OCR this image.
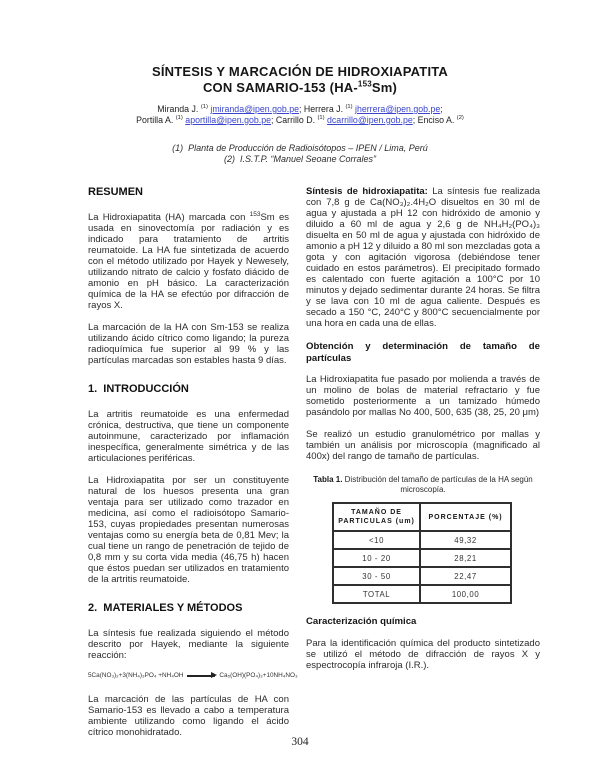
SÍNTESIS Y MARCACIÓN DE HIDROXIAPATITA
CON SAMARIO-153 (HA-$^{153}$Sm)
Miranda J. $^{(1)}$ jmiranda@ipen.gob.pe; Herrera J. $^{(1)}$ jherrera@ipen.gob.pe;
Portilla A. $^{(1)}$ aportilla@ipen.gob.pe; Carrillo D. $^{(1)}$ dcarrillo@ipen.gob.pe; Enciso A. $^{(2)}$
(1)  Planta de Producción de Radioisótopos – IPEN / Lima, Perú
(2)  I.S.T.P. “Manuel Seoane Corrales”
RESUMEN

La Hidroxiapatita (HA) marcada con $^{153}$Sm es usada en sinovectomía por radiación y es indicado para tratamiento de artritis reumatoide. La HA fue sintetizada de acuerdo con el método utilizado por Hayek y Newesely, utilizando nitrato de calcio y fosfato diácido de amonio en pH básico. La caracterización química de la HA se efectúo por difracción de rayos X.

La marcación de la HA con Sm-153 se realiza utilizando ácido cítrico como ligando; la pureza radioquímica fue superior al 99 % y las partículas marcadas son estables hasta 9 días.

1.  INTRODUCCIÓN

La artritis reumatoide es una enfermedad crónica, destructiva, que tiene un componente autoinmune, caracterizado por inflamación inespecífica, generalmente simétrica y de las articulaciones periféricas.

La Hidroxiapatita por ser un constituyente natural de los huesos presenta una gran ventaja para ser utilizado como trazador en medicina, así como el radioisótopo Samario-153, cuyas propiedades presentan numerosas ventajas como su energía beta de 0,81 Mev; la cual tiene un rango de penetración de tejido de 0,8 mm y su corta vida media (46,75 h) hacen que éstos puedan ser utilizados en tratamiento de la artritis reumatoide.

2.  MATERIALES Y MÉTODOS

La síntesis fue realizada siguiendo el método descrito por Hayek, mediante la siguiente reacción:

5Ca(NO₃)₂+3(NH₄)₃PO₄ +NH₄OH	Ca₅(OH)(PO₄)₃+10NH₄NO₃

La marcación de las partículas de HA con Samario-153 es llevado a cabo a temperatura ambiente utilizando como ligando el ácido cítrico monohidratado.

Síntesis de hidroxiapatita: La síntesis fue realizada con 7,8 g de Ca(NO₃)₂.4H₂O disueltos en 30 ml de agua y ajustada a pH 12 con hidróxido de amonio y diluido a 60 ml de agua y 2,6 g de NH₄H₂(PO₄)₃ disuelta en 50 ml de agua y ajustada con hidróxido de amonio a pH 12 y diluido a 80 ml son mezcladas gota a gota y con agitación vigorosa (debiéndose tener cuidado en estos parámetros). El precipitado formado es calentado con fuerte agitación a 100°C por 10 minutos y dejado sedimentar durante 24 horas. Se filtra y se lava con 10 ml de agua caliente. Después es secado a 150 °C, 240°C y 800°C secuencialmente por una hora en cada una de ellas.

Obtención y determinación de tamaño de partículas

La Hidroxiapatita fue pasado por molienda a través de un molino de bolas de material refractario y fue sometido posteriormente a un tamizado húmedo pasándolo por mallas No 400, 500, 635 (38, 25, 20 μm)

Se realizó un estudio granulométrico por mallas y también un análisis por microscopía (magnificado al 400x) del rango de tamaño de partículas.

Tabla 1. Distribución del tamaño de partículas de la HA según microscopía.
TAMAÑO DE PARTICULAS (um)	PORCENTAJE (%)
<10	49,32
10 - 20	28,21
30 - 50	22,47
TOTAL	100,00
Caracterización química

Para la identificación química del producto sintetizado se utilizó el método de difracción de rayos X y espectrocopía infraroja (I.R.).

304
